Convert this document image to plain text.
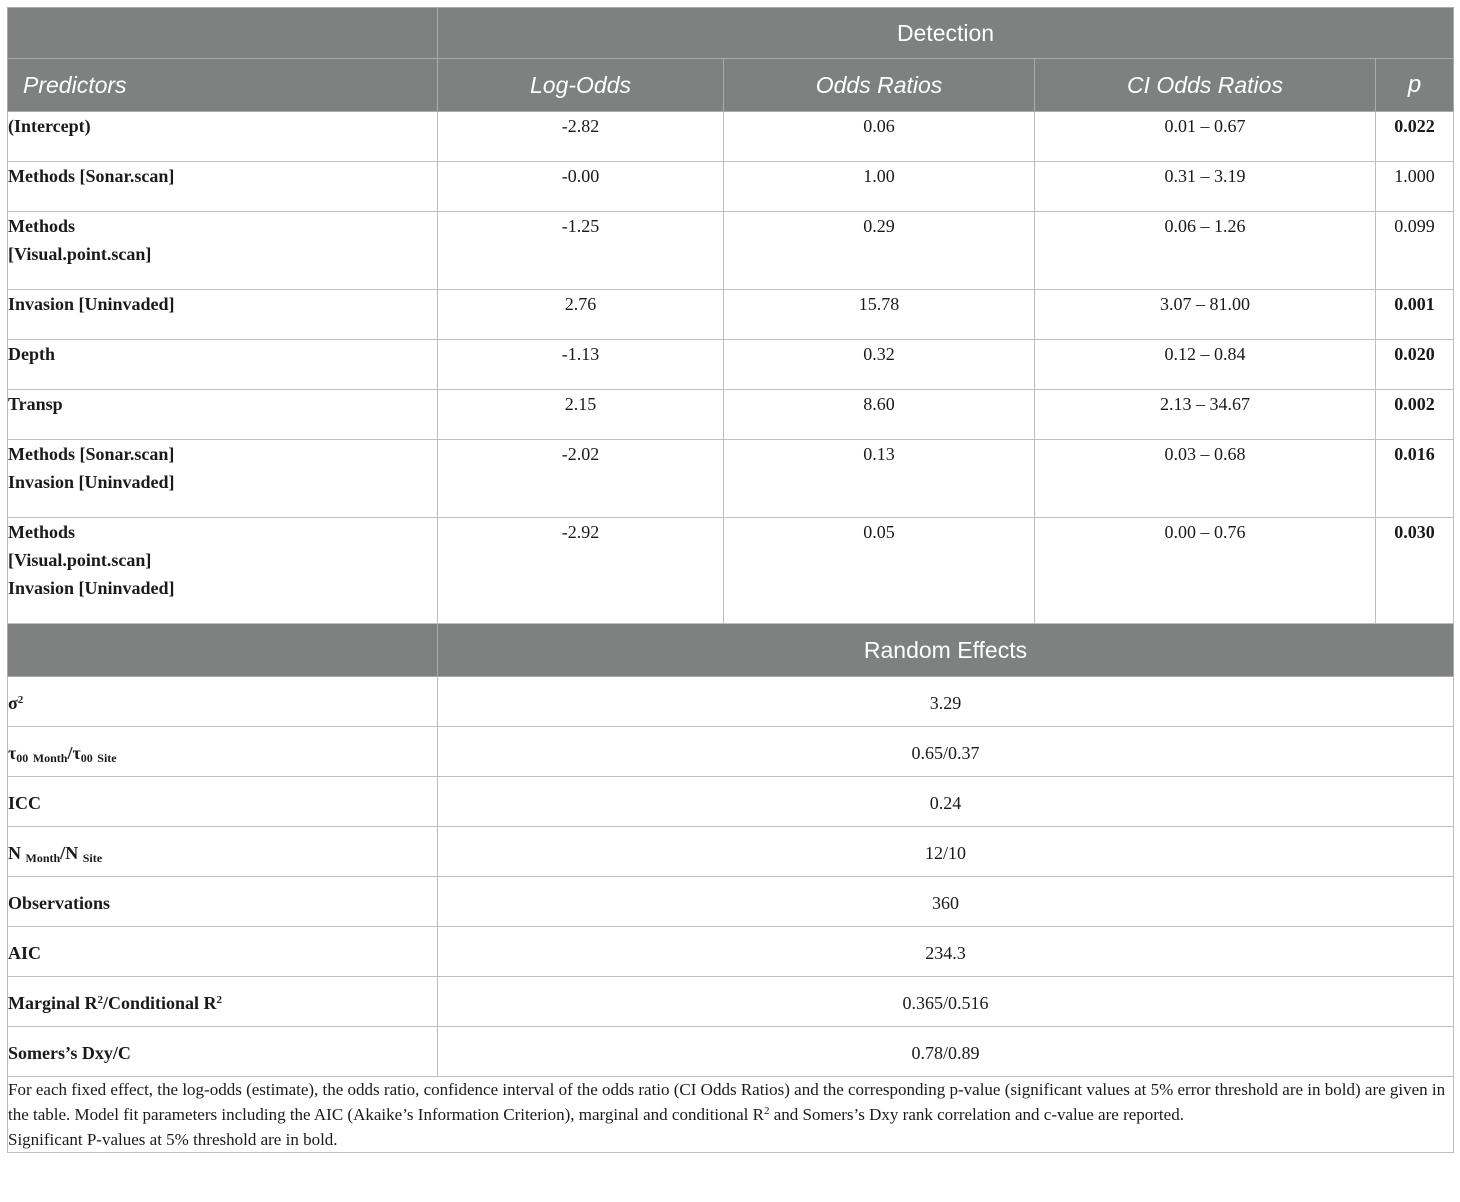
	Detection			
Predictors	Log-Odds	Odds Ratios	CI Odds Ratios	p
(Intercept)	-2.82	0.06	0.01 – 0.67	0.022
Methods [Sonar.scan]	-0.00	1.00	0.31 – 3.19	1.000
Methods
[Visual.point.scan]	-1.25	0.29	0.06 – 1.26	0.099
Invasion [Uninvaded]	2.76	15.78	3.07 – 81.00	0.001
Depth	-1.13	0.32	0.12 – 0.84	0.020
Transp	2.15	8.60	2.13 – 34.67	0.002
Methods [Sonar.scan]
Invasion [Uninvaded]	-2.02	0.13	0.03 – 0.68	0.016
Methods
[Visual.point.scan]
Invasion [Uninvaded]	-2.92	0.05	0.00 – 0.76	0.030
	Random Effects			
$\sigma^2$	3.29			
$\tau_{00}$ $_{Month}/\tau_{00}$ $_{Site}$	0.65/0.37			
ICC	0.24			
N $_{Month}$/N $_{Site}$	12/10			
Observations	360			
AIC	234.3			
Marginal $R^2$/Conditional $R^2$	0.365/0.516			
Somers’s Dxy/C	0.78/0.89			

For each fixed effect, the log-odds (estimate), the odds ratio, confidence interval of the odds ratio (CI Odds Ratios) and the corresponding p-value (significant values at 5% error threshold are in bold) are given in the table. Model fit parameters including the AIC (Akaike’s Information Criterion), marginal and conditional $R^2$ and Somers’s Dxy rank correlation and c-value are reported.

Significant P-values at 5% threshold are in bold.				
